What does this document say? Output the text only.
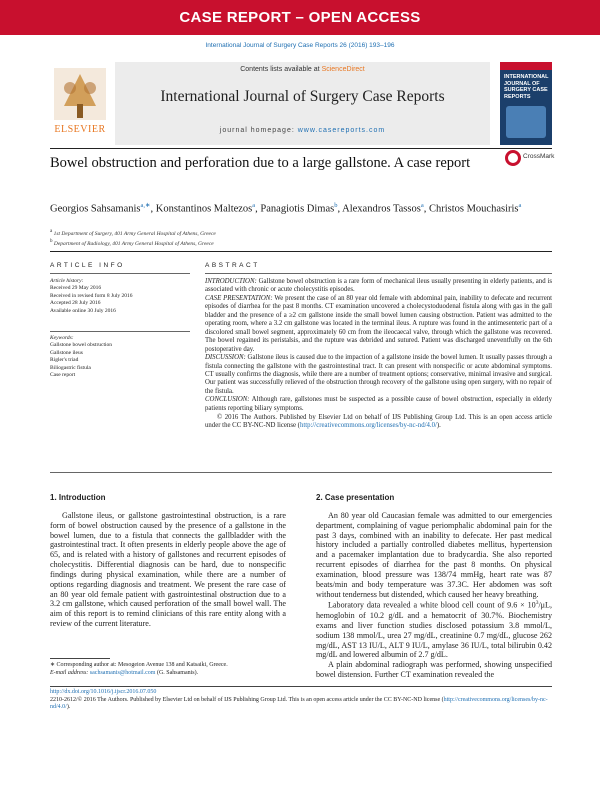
CASE REPORT – OPEN ACCESS
International Journal of Surgery Case Reports 26 (2016) 193–196
ELSEVIER
Contents lists available at ScienceDirect
International Journal of Surgery Case Reports
journal homepage: www.casereports.com
INTERNATIONAL JOURNAL OF SURGERY CASE REPORTS
Bowel obstruction and perforation due to a large gallstone. A case report	CrossMark
Georgios Sahsamanis$^{a,∗}$, Konstantinos Maltezos$^a$, Panagiotis Dimas$^b$, Alexandros Tassos$^a$, Christos Mouchasiris$^a$
$^a$ 1st Department of Surgery, 401 Army General Hospital of Athens, Greece
$^b$ Department of Radiology, 401 Army General Hospital of Athens, Greece
ARTICLE INFO	ABSTRACT
Article history:
Received 29 May 2016
Received in revised form 8 July 2016
Accepted 28 July 2016
Available online 30 July 2016
Keywords:
Gallstone bowel obstruction
Gallstone ileus
Rigler's triad
Biliogastric fistula
Case report

INTRODUCTION: Gallstone bowel obstruction is a rare form of mechanical ileus usually presenting in elderly patients, and is associated with chronic or acute cholecystitis episodes.

CASE PRESENTATION: We present the case of an 80 year old female with abdominal pain, inability to defecate and recurrent episodes of diarrhea for the past 8 months. CT examination uncovered a cholecystoduodenal fistula along with gas in the gall bladder and the presence of a ≥2 cm gallstone inside the small bowel lumen causing obstruction. Patient was admitted to the operating room, where a 3.2 cm gallstone was located in the terminal ileus. A rupture was found in the antimesenteric part of a discolored small bowel segment, approximately 60 cm from the ileocaecal valve, through which the gallstone was recovered. The bowel regained its peristalsis, and the rupture was debrided and sutured. Patient was discharged uneventfully on the 6th postoperative day.

DISCUSSION: Gallstone ileus is caused due to the impaction of a gallstone inside the bowel lumen. It usually passes through a fistula connecting the gallstone with the gastrointestinal tract. It can present with nonspecific or acute abdominal symptoms. CT usually confirms the diagnosis, while there are a number of treatment options; conservative, minimal invasive and surgical. Our patient was successfully relieved of the obstruction through recovery of the gallstone using open surgery, with no repair of the fistula.

CONCLUSION: Although rare, gallstones must be suspected as a possible cause of bowel obstruction, especially in elderly patients reporting biliary symptoms.

© 2016 The Authors. Published by Elsevier Ltd on behalf of IJS Publishing Group Ltd. This is an open access article under the CC BY-NC-ND license (http://creativecommons.org/licenses/by-nc-nd/4.0/).

1. Introduction

Gallstone ileus, or gallstone gastrointestinal obstruction, is a rare form of bowel obstruction caused by the presence of a gallstone in the bowel lumen, due to a fistula that connects the gallbladder with the gastrointestinal tract. It often presents in elderly people above the age of 65, and is related with a history of gallstones and recurrent episodes of cholecystitis. Differential diagnosis can be hard, due to nonspecific findings during physical examination, while there are a number of options regarding diagnosis and treatment. We present the rare case of an 80 year old female patient with gastrointestinal obstruction due to a 3.2 cm gallstone, which caused perforation of the small bowel wall. The aim of this report is to remind clinicians of this rare entity along with a review of the current literature.

2. Case presentation

An 80 year old Caucasian female was admitted to our emergencies department, complaining of vague periomphalic abdominal pain for the past 3 days, combined with an inability to defecate. Her past medical history included a partially controlled diabetes mellitus, hypertension and a pacemaker implantation due to bradycardia. She also reported recurrent episodes of diarrhea for the past 8 months. On physical examination, blood pressure was 138/74 mmHg, heart rate was 87 beats/min and body temperature was 37.3C. Her abdomen was soft without tenderness but distended, which caused her heavy breathing.

Laboratory data revealed a white blood cell count of $9.6 \times 10^3/\mu L$, hemoglobin of 10.2 g/dL and a hematocrit of 30.7%. Biochemistry exams and liver function studies disclosed potassium 3.8 mmol/L, sodium 138 mmol/L, urea 27 mg/dL, creatinine 0.7 mg/dL, glucose 262 mg/dL, AST 13 IU/L, ALT 9 IU/L, amylase 36 IU/L, total bilirubin 0.42 mg/dL and lowered albumin of 2.7 g/dL.

A plain abdominal radiograph was performed, showing unspecified bowel distension. Further CT examination revealed the

∗ Corresponding author at: Mesogeion Avenue 138 and Katsaiki, Greece.
E-mail address: sachsamanis@hotmail.com (G. Sahsamanis).
http://dx.doi.org/10.1016/j.ijscr.2016.07.050
2210-2612/© 2016 The Authors. Published by Elsevier Ltd on behalf of IJS Publishing Group Ltd. This is an open access article under the CC BY-NC-ND license (http://creativecommons.org/licenses/by-nc-nd/4.0/).
